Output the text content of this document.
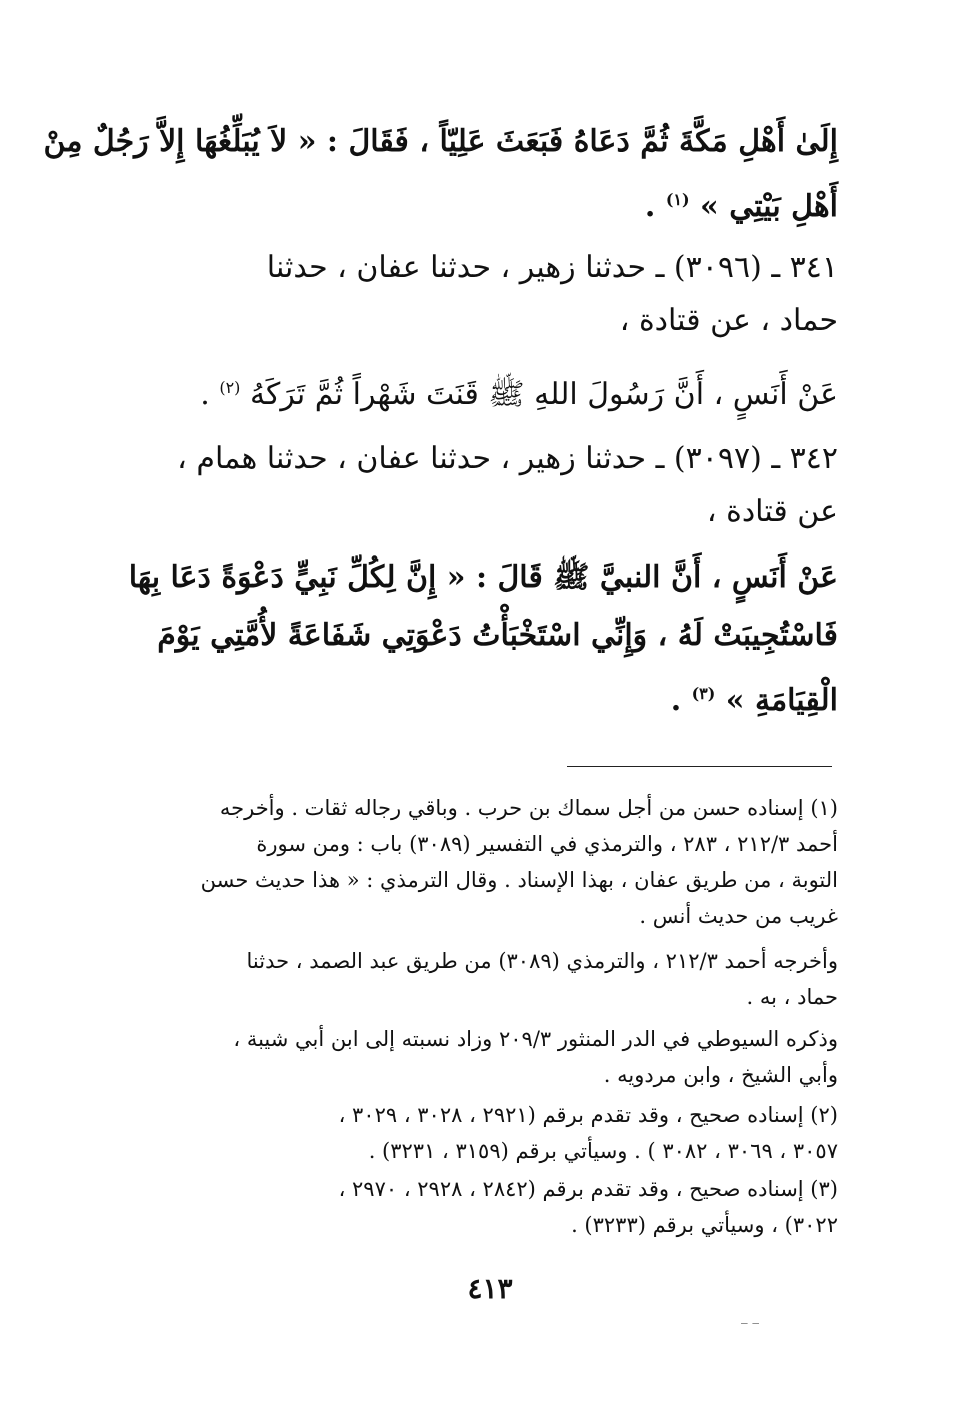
إِلَىٰ أَهْلِ مَكَّةَ ثُمَّ دَعَاهُ فَبَعَثَ عَلِيّاً ، فَقَالَ : « لاَ يُبَلِّغُهَا إِلاَّ رَجُلٌ مِنْ
أَهْلِ بَيْتِي » $^{(١)}$ .
٣٤١ ـ (٣٠٩٦) ـ حدثنا زهير ، حدثنا عفان ، حدثنا
حماد ، عن قتادة ،
عَنْ أَنَسٍ ، أَنَّ رَسُولَ اللهِ ﷺ قَنَتَ شَهْراً ثُمَّ تَرَكَهُ $^{(٢)}$ .
٣٤٢ ـ (٣٠٩٧) ـ حدثنا زهير ، حدثنا عفان ، حدثنا همام ،
عن قتادة ،
عَنْ أَنَسٍ ، أَنَّ النبيَّ ﷺ قَالَ : « إِنَّ لِكُلِّ نَبِيٍّ دَعْوَةً دَعَا بِهَا
فَاسْتُجِيبَتْ لَهُ ، وَإِنِّي اسْتَخْبَأْتُ دَعْوَتِي شَفَاعَةً لأُمَّتِي يَوْمَ
الْقِيَامَةِ » $^{(٣)}$ .
(١) إسناده حسن من أجل سماك بن حرب . وباقي رجاله ثقات . وأخرجه
أحمد ٢١٢/٣ ، ٢٨٣ ، والترمذي في التفسير (٣٠٨٩) باب : ومن سورة
التوبة ، من طريق عفان ، بهذا الإسناد . وقال الترمذي : « هذا حديث حسن
غريب من حديث أنس .
وأخرجه أحمد ٢١٢/٣ ، والترمذي (٣٠٨٩) من طريق عبد الصمد ، حدثنا
حماد ، به .
وذكره السيوطي في الدر المنثور ٢٠٩/٣ وزاد نسبته إلى ابن أبي شيبة ،
وأبي الشيخ ، وابن مردويه .
(٢) إسناده صحيح ، وقد تقدم برقم (٢٩٢١ ، ٣٠٢٨ ، ٣٠٢٩ ،
٣٠٥٧ ، ٣٠٦٩ ، ٣٠٨٢ ) . وسيأتي برقم (٣١٥٩ ، ٣٢٣١) .
(٣) إسناده صحيح ، وقد تقدم برقم (٢٨٤٢ ، ٢٩٢٨ ، ٢٩٧٠ ،
٣٠٢٢) ، وسيأتي برقم (٣٢٣٣) .
٤١٣
‒ ‒
